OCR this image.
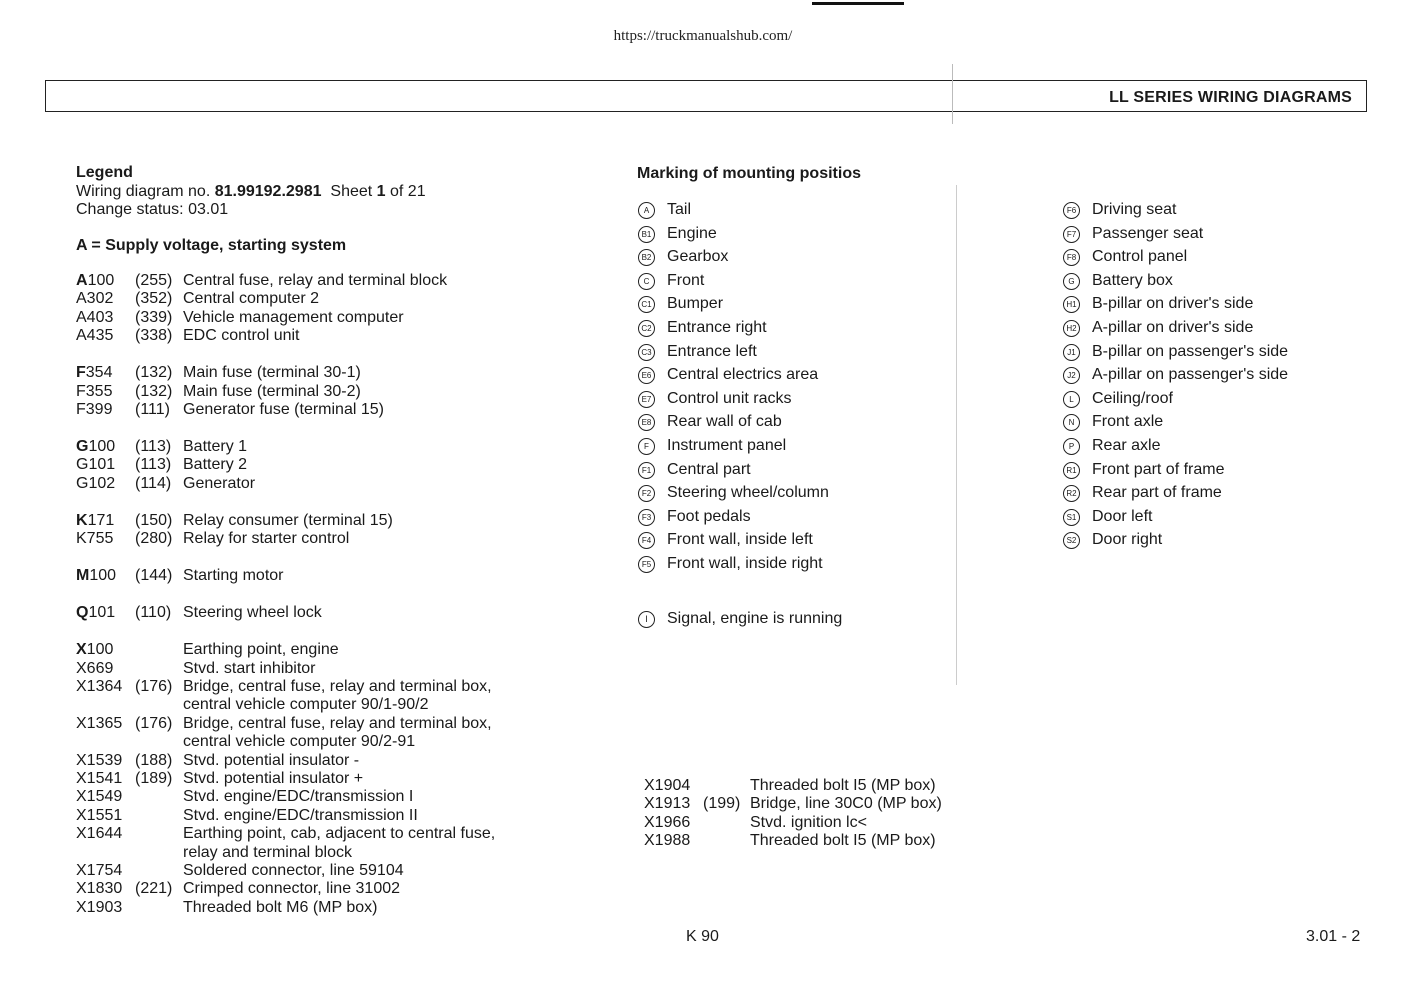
https://truckmanualshub.com/
LL SERIES WIRING DIAGRAMS
Legend
Wiring diagram no. 81.99192.2981  Sheet 1 of 21
Change status: 03.01
A = Supply voltage, starting system
A100 (255) Central fuse, relay and terminal block
A302 (352) Central computer 2
A403 (339) Vehicle management computer
A435 (338) EDC control unit
F354 (132) Main fuse (terminal 30-1)
F355 (132) Main fuse (terminal 30-2)
F399 (111) Generator fuse (terminal 15)
G100 (113) Battery 1
G101 (113) Battery 2
G102 (114) Generator
K171 (150) Relay consumer (terminal 15)
K755 (280) Relay for starter control
M100 (144) Starting motor
Q101 (110) Steering wheel lock
X100	Earthing point, engine
X669	Stvd. start inhibitor
X1364 (176) Bridge, central fuse, relay and terminal box,
central vehicle computer 90/1-90/2
X1365 (176) Bridge, central fuse, relay and terminal box,
central vehicle computer 90/2-91
X1539 (188) Stvd. potential insulator -
X1541 (189) Stvd. potential insulator +
X1549	Stvd. engine/EDC/transmission I
X1551	Stvd. engine/EDC/transmission II
X1644	Earthing point, cab, adjacent to central fuse,
relay and terminal block
X1754	Soldered connector, line 59104
X1830 (221) Crimped connector, line 31002
X1903	Threaded bolt M6 (MP box)
Marking of mounting positios
A	Tail
B1 Engine
B2 Gearbox
C	Front
C1 Bumper
C2 Entrance right
C3 Entrance left
E6 Central electrics area
E7 Control unit racks
E8 Rear wall of cab
F	Instrument panel
F1 Central part
F2 Steering wheel/column
F3 Foot pedals
F4 Front wall, inside left
F5 Front wall, inside right
F6 Driving seat
F7 Passenger seat
F8 Control panel
G	Battery box
H1 B-pillar on driver's side
H2 A-pillar on driver's side
J1 B-pillar on passenger's side
J2 A-pillar on passenger's side
L	Ceiling/roof
N	Front axle
P	Rear axle
R1 Front part of frame
R2 Rear part of frame
S1 Door left
S2 Door right
I	Signal, engine is running
X1904	Threaded bolt I5 (MP box)
X1913 (199) Bridge, line 30C0 (MP box)
X1966	Stvd. ignition lc<
X1988	Threaded bolt I5 (MP box)
K 90	3.01 - 2
